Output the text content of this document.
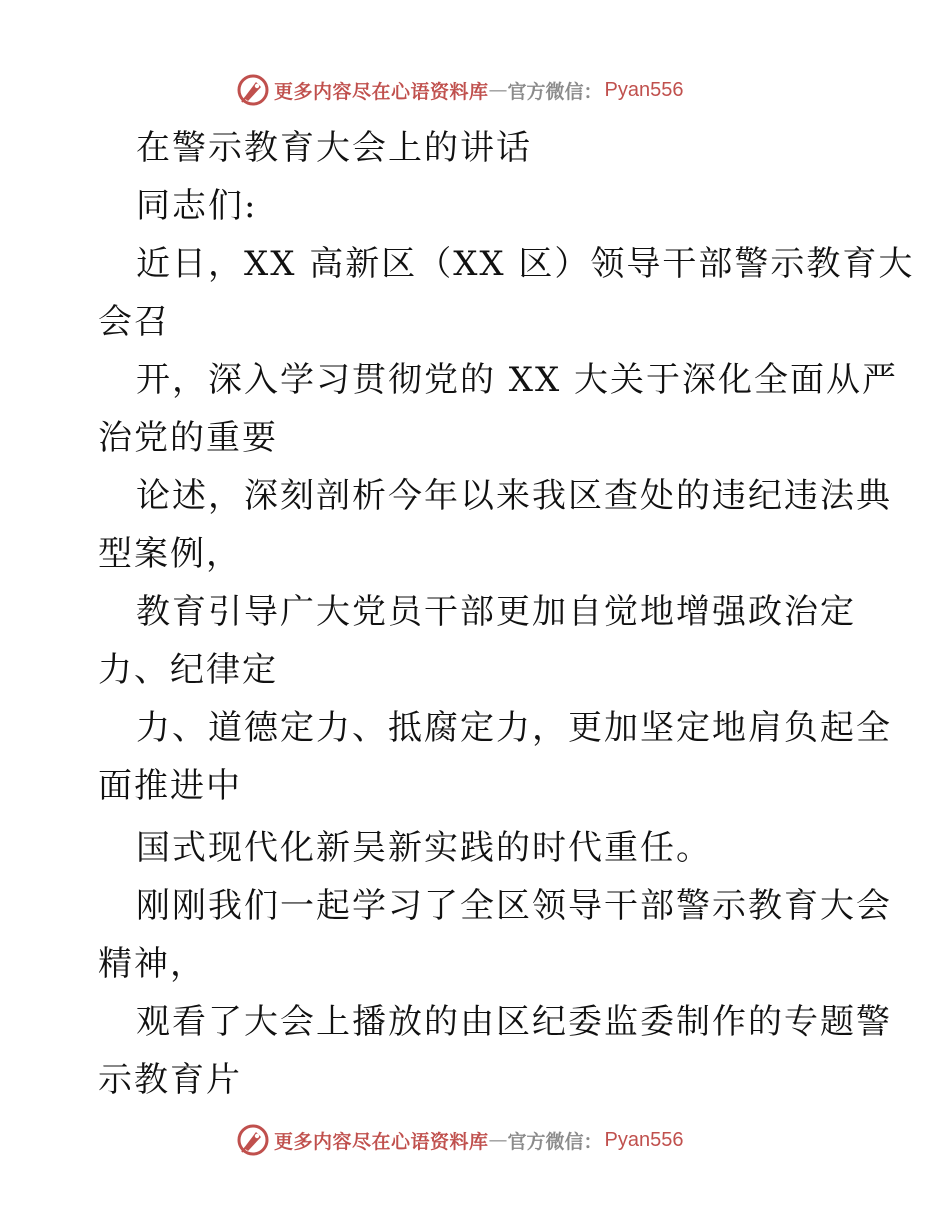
更多内容尽在心语资料库 — 官方微信： Pyan556
在警示教育大会上的讲话
同志们:
近日，XX 高新区（XX 区）领导干部警示教育大
会召
开，深入学习贯彻党的 XX 大关于深化全面从严
治党的重要
论述，深刻剖析今年以来我区查处的违纪违法典
型案例，
教育引导广大党员干部更加自觉地增强政治定
力、纪律定
力、道德定力、抵腐定力，更加坚定地肩负起全
面推进中
国式现代化新吴新实践的时代重任。
刚刚我们一起学习了全区领导干部警示教育大会
精神，
观看了大会上播放的由区纪委监委制作的专题警
示教育片
更多内容尽在心语资料库 — 官方微信： Pyan556
